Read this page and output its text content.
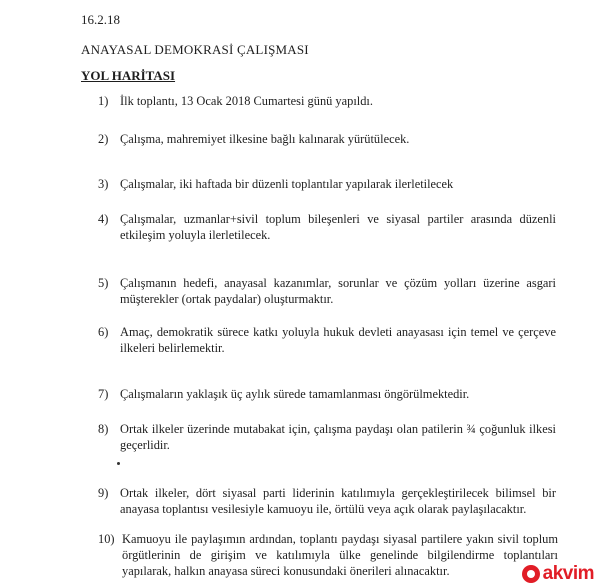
16.2.18
ANAYASAL DEMOKRASİ ÇALIŞMASI
YOL HARİTASI
1) İlk toplantı, 13 Ocak 2018 Cumartesi günü yapıldı.
2) Çalışma, mahremiyet ilkesine bağlı kalınarak yürütülecek.
3) Çalışmalar, iki haftada bir düzenli toplantılar yapılarak ilerletilecek
4) Çalışmalar, uzmanlar+sivil toplum bileşenleri ve siyasal partiler arasında düzenli
etkileşim yoluyla ilerletilecek.
5) Çalışmanın hedefi, anayasal kazanımlar, sorunlar ve çözüm yolları üzerine asgari
müşterekler (ortak paydalar) oluşturmaktır.
6) Amaç, demokratik sürece katkı yoluyla hukuk devleti anayasası için temel ve çerçeve
ilkeleri belirlemektir.
7) Çalışmaların yaklaşık üç aylık sürede tamamlanması öngörülmektedir.
8) Ortak ilkeler üzerinde mutabakat için, çalışma paydaşı olan patilerin ¾ çoğunluk ilkesi
geçerlidir.
9) Ortak ilkeler, dört siyasal parti liderinin katılımıyla gerçekleştirilecek bilimsel bir
anayasa toplantısı vesilesiyle kamuoyu ile, örtülü veya açık olarak paylaşılacaktır.
10) Kamuoyu ile paylaşımın ardından, toplantı paydaşı siyasal partilere yakın sivil toplum
örgütlerinin de girişim ve katılımıyla ülke genelinde bilgilendirme toplantıları
yapılarak, halkın anayasa süreci konusundaki önerileri alınacaktır.	akvim
